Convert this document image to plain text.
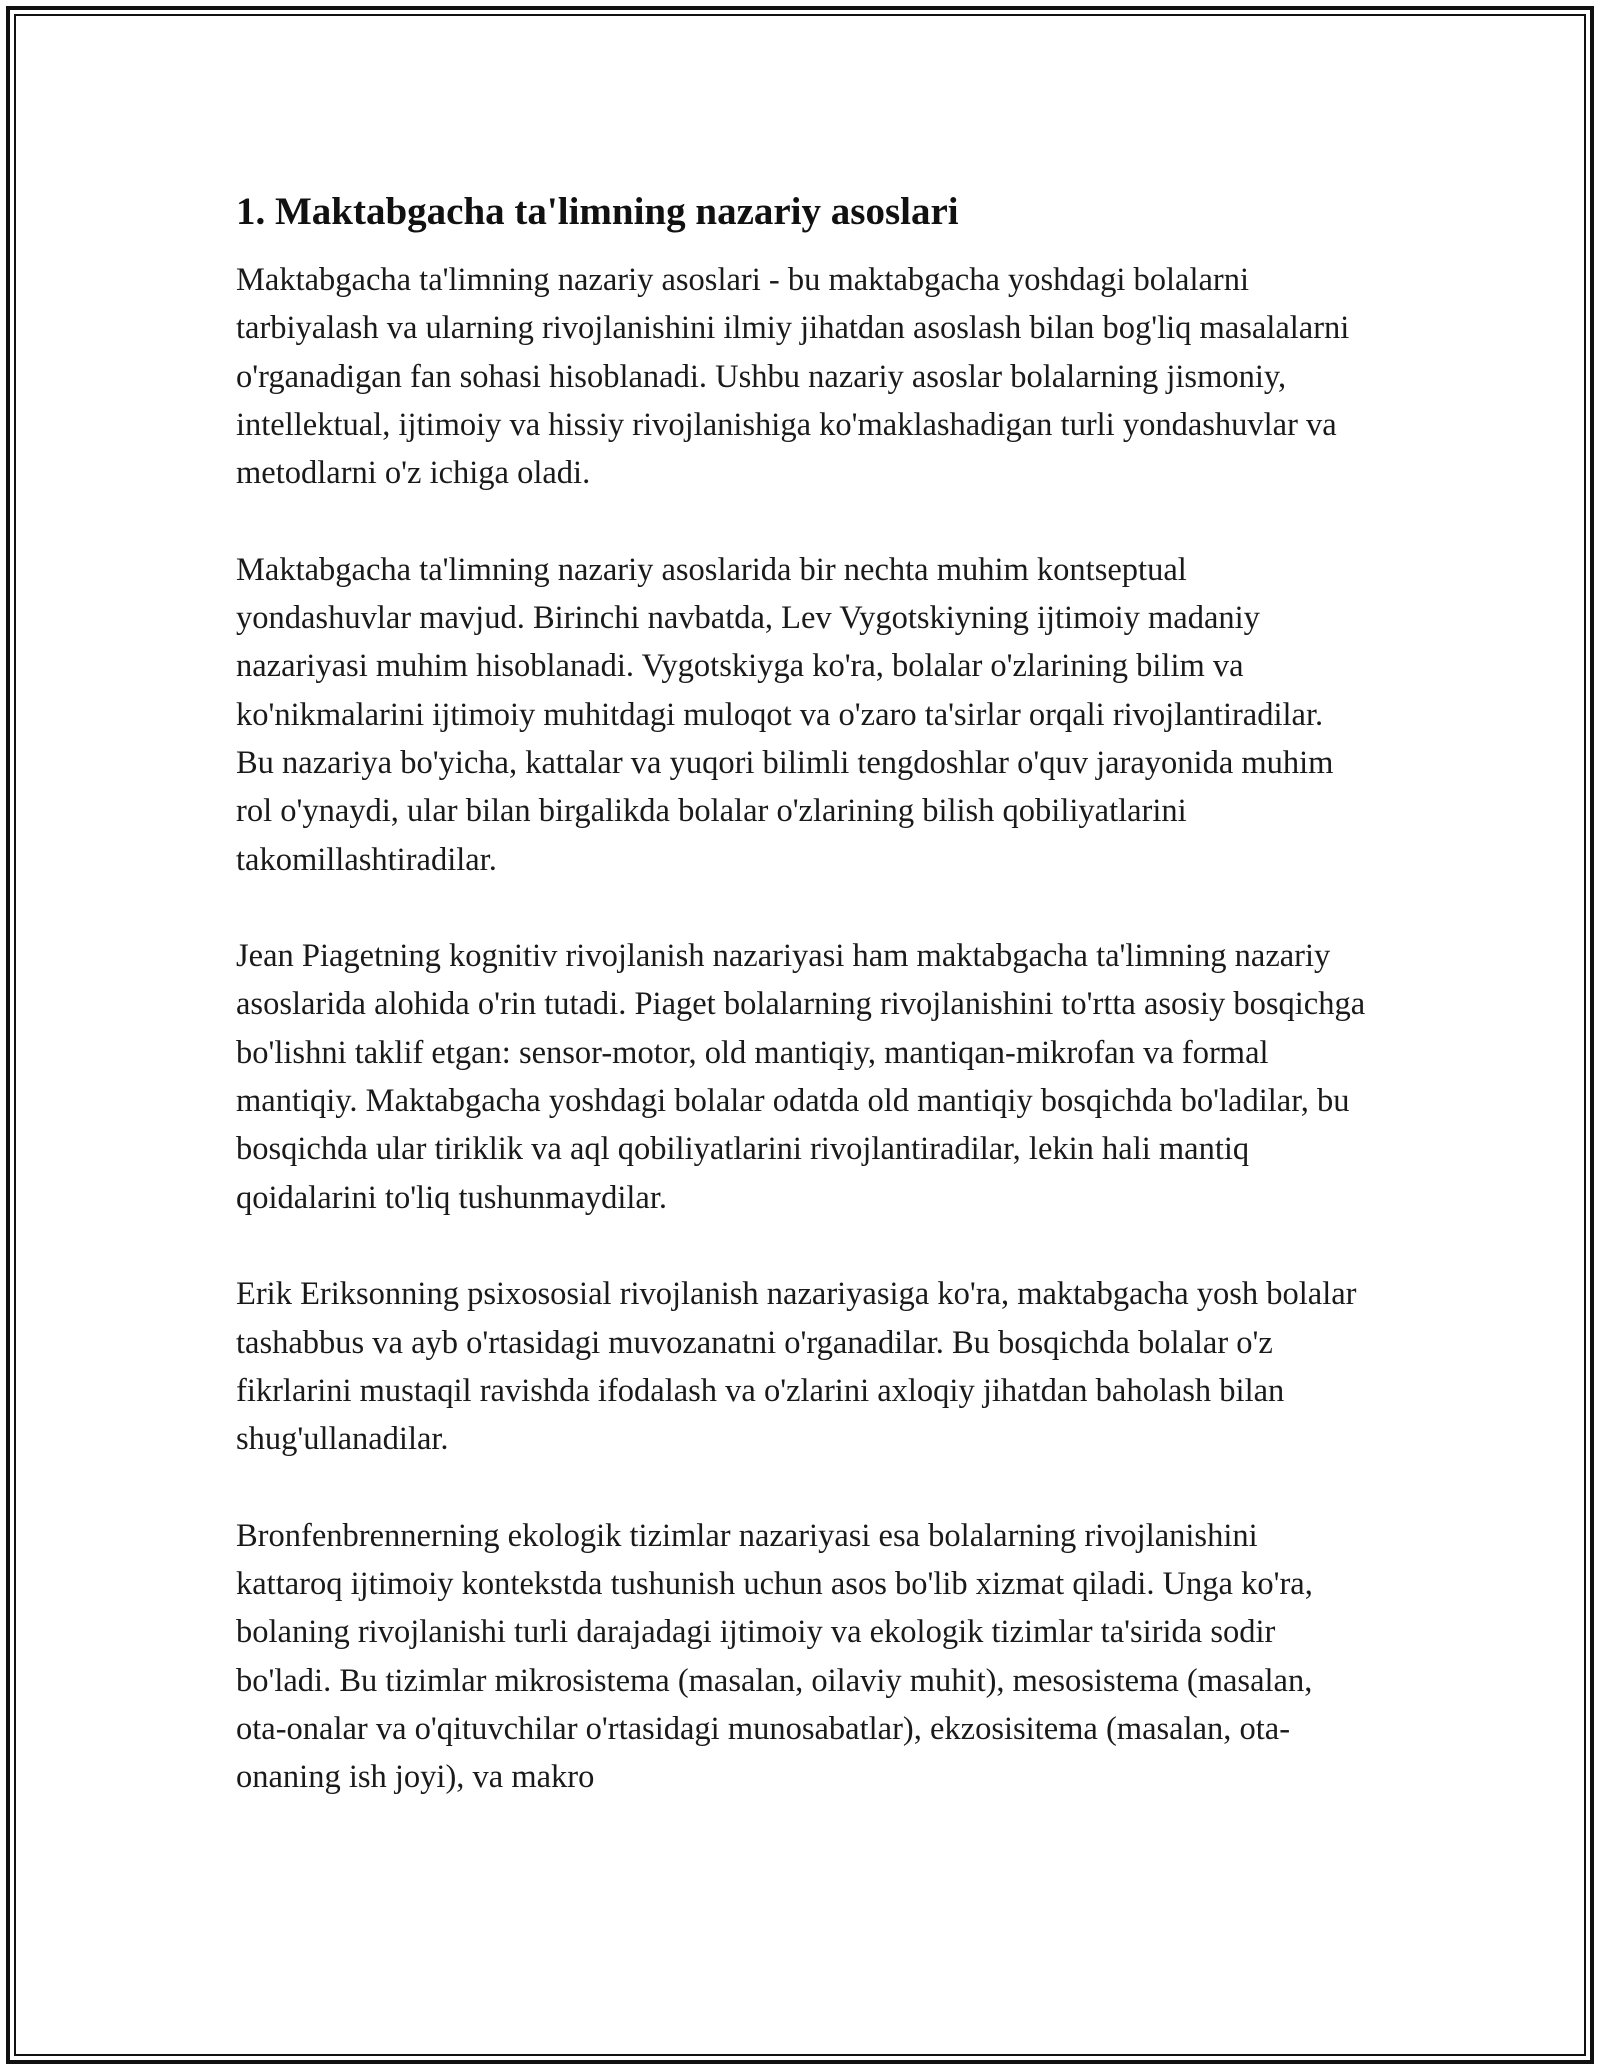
1. Maktabgacha ta'limning nazariy asoslari

Maktabgacha ta'limning nazariy asoslari - bu maktabgacha yoshdagi bolalarni tarbiyalash va ularning rivojlanishini ilmiy jihatdan asoslash bilan bog'liq masalalarni o'rganadigan fan sohasi hisoblanadi. Ushbu nazariy asoslar bolalarning jismoniy, intellektual, ijtimoiy va hissiy rivojlanishiga ko'maklashadigan turli yondashuvlar va metodlarni o'z ichiga oladi.

Maktabgacha ta'limning nazariy asoslarida bir nechta muhim kontseptual yondashuvlar mavjud. Birinchi navbatda, Lev Vygotskiyning ijtimoiy madaniy nazariyasi muhim hisoblanadi. Vygotskiyga ko'ra, bolalar o'zlarining bilim va ko'nikmalarini ijtimoiy muhitdagi muloqot va o'zaro ta'sirlar orqali rivojlantiradilar. Bu nazariya bo'yicha, kattalar va yuqori bilimli tengdoshlar o'quv jarayonida muhim rol o'ynaydi, ular bilan birgalikda bolalar o'zlarining bilish qobiliyatlarini takomillashtiradilar.

Jean Piagetning kognitiv rivojlanish nazariyasi ham maktabgacha ta'limning nazariy asoslarida alohida o'rin tutadi. Piaget bolalarning rivojlanishini to'rtta asosiy bosqichga bo'lishni taklif etgan: sensor-motor, old mantiqiy, mantiqan-mikrofan va formal mantiqiy. Maktabgacha yoshdagi bolalar odatda old mantiqiy bosqichda bo'ladilar, bu bosqichda ular tiriklik va aql qobiliyatlarini rivojlantiradilar, lekin hali mantiq qoidalarini to'liq tushunmaydilar.

Erik Eriksonning psixososial rivojlanish nazariyasiga ko'ra, maktabgacha yosh bolalar tashabbus va ayb o'rtasidagi muvozanatni o'rganadilar. Bu bosqichda bolalar o'z fikrlarini mustaqil ravishda ifodalash va o'zlarini axloqiy jihatdan baholash bilan shug'ullanadilar.

Bronfenbrennerning ekologik tizimlar nazariyasi esa bolalarning rivojlanishini kattaroq ijtimoiy kontekstda tushunish uchun asos bo'lib xizmat qiladi. Unga ko'ra, bolaning rivojlanishi turli darajadagi ijtimoiy va ekologik tizimlar ta'sirida sodir bo'ladi. Bu tizimlar mikrosistema (masalan, oilaviy muhit), mesosistema (masalan, ota-onalar va o'qituvchilar o'rtasidagi munosabatlar), ekzosisitema (masalan, ota-onaning ish joyi), va makro
